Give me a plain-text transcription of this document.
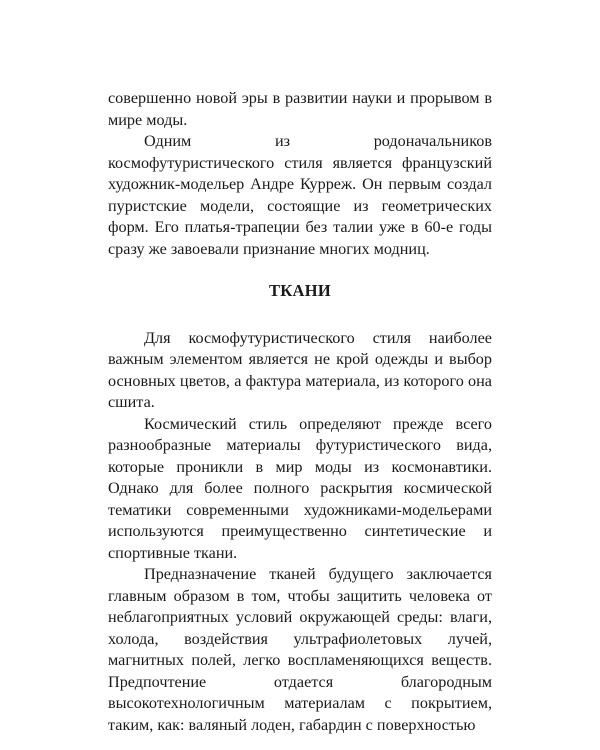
совершенно новой эры в развитии науки и прорывом в мире моды.

Одним из родоначальников космофутуристического стиля является французский художник-модельер Андре Курреж. Он первым создал пуристские модели, состоящие из геометрических форм. Его платья-трапеции без талии уже в 60-е годы сразу же завоевали признание многих модниц.

ТКАНИ

Для космофутуристического стиля наиболее важным элементом является не крой одежды и выбор основных цветов, а фактура материала, из которого она сшита.

Космический стиль определяют прежде всего разнообразные материалы футуристического вида, которые проникли в мир моды из космонавтики. Однако для более полного раскрытия космической тематики современными художниками-модельерами используются преимущественно синтетические и спортивные ткани.

Предназначение тканей будущего заключается главным образом в том, чтобы защитить человека от неблагоприятных условий окружающей среды: влаги, холода, воздействия ультрафиолетовых лучей, магнитных полей, легко воспламеняющихся веществ. Предпочтение отдается благородным высокотехнологичным материалам с покрытием, таким, как: валяный лоден, габардин с поверхностью
